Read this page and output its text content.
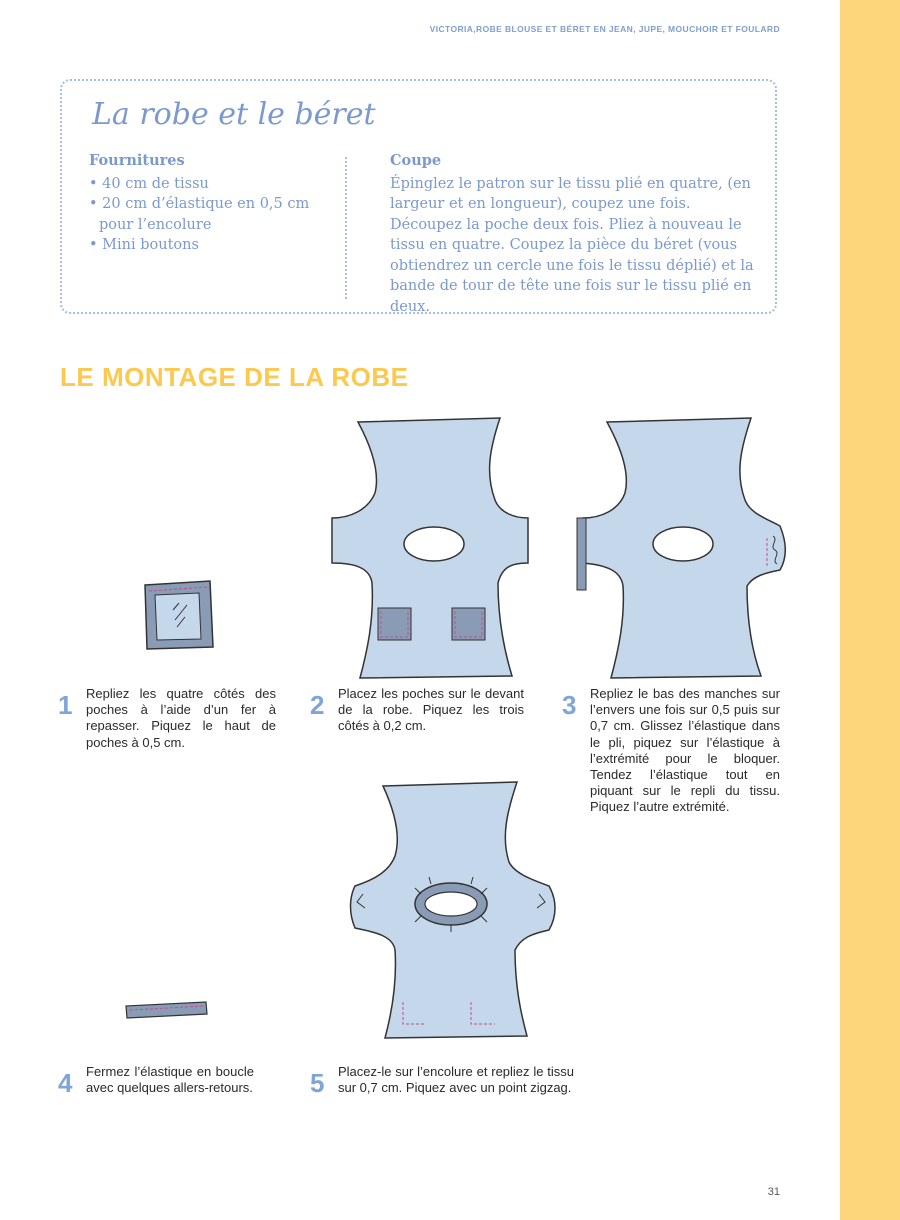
VICTORIA,ROBE BLOUSE ET BÉRET EN JEAN, JUPE, MOUCHOIR ET FOULARD
La robe et le béret
Fournitures
• 40 cm de tissu
• 20 cm d’élastique en 0,5 cm pour l’encolure
• Mini boutons
Coupe
Épinglez le patron sur le tissu plié en quatre, (en largeur et en longueur), coupez une fois. Découpez la poche deux fois. Pliez à nouveau le tissu en quatre. Coupez la pièce du béret (vous obtiendrez un cercle une fois le tissu déplié) et la bande de tour de tête une fois sur le tissu plié en deux.
LE MONTAGE DE LA ROBE
1	Repliez les quatre côtés des poches à l’aide d’un fer à repasser. Piquez le haut de poches à 0,5 cm.
2	Placez les poches sur le devant de la robe. Piquez les trois côtés à 0,2 cm.
3	Repliez le bas des manches sur l’envers une fois sur 0,5 puis sur 0,7 cm. Glissez l’élastique dans le pli, piquez sur l’élastique à l’extrémité pour le bloquer. Tendez l’élastique tout en piquant sur le repli du tissu. Piquez l’autre extrémité.
4	Fermez l’élastique en boucle avec quelques allers-retours. 5	Placez-le sur l’encolure et repliez le tissu sur 0,7 cm. Piquez avec un point zigzag.
31
